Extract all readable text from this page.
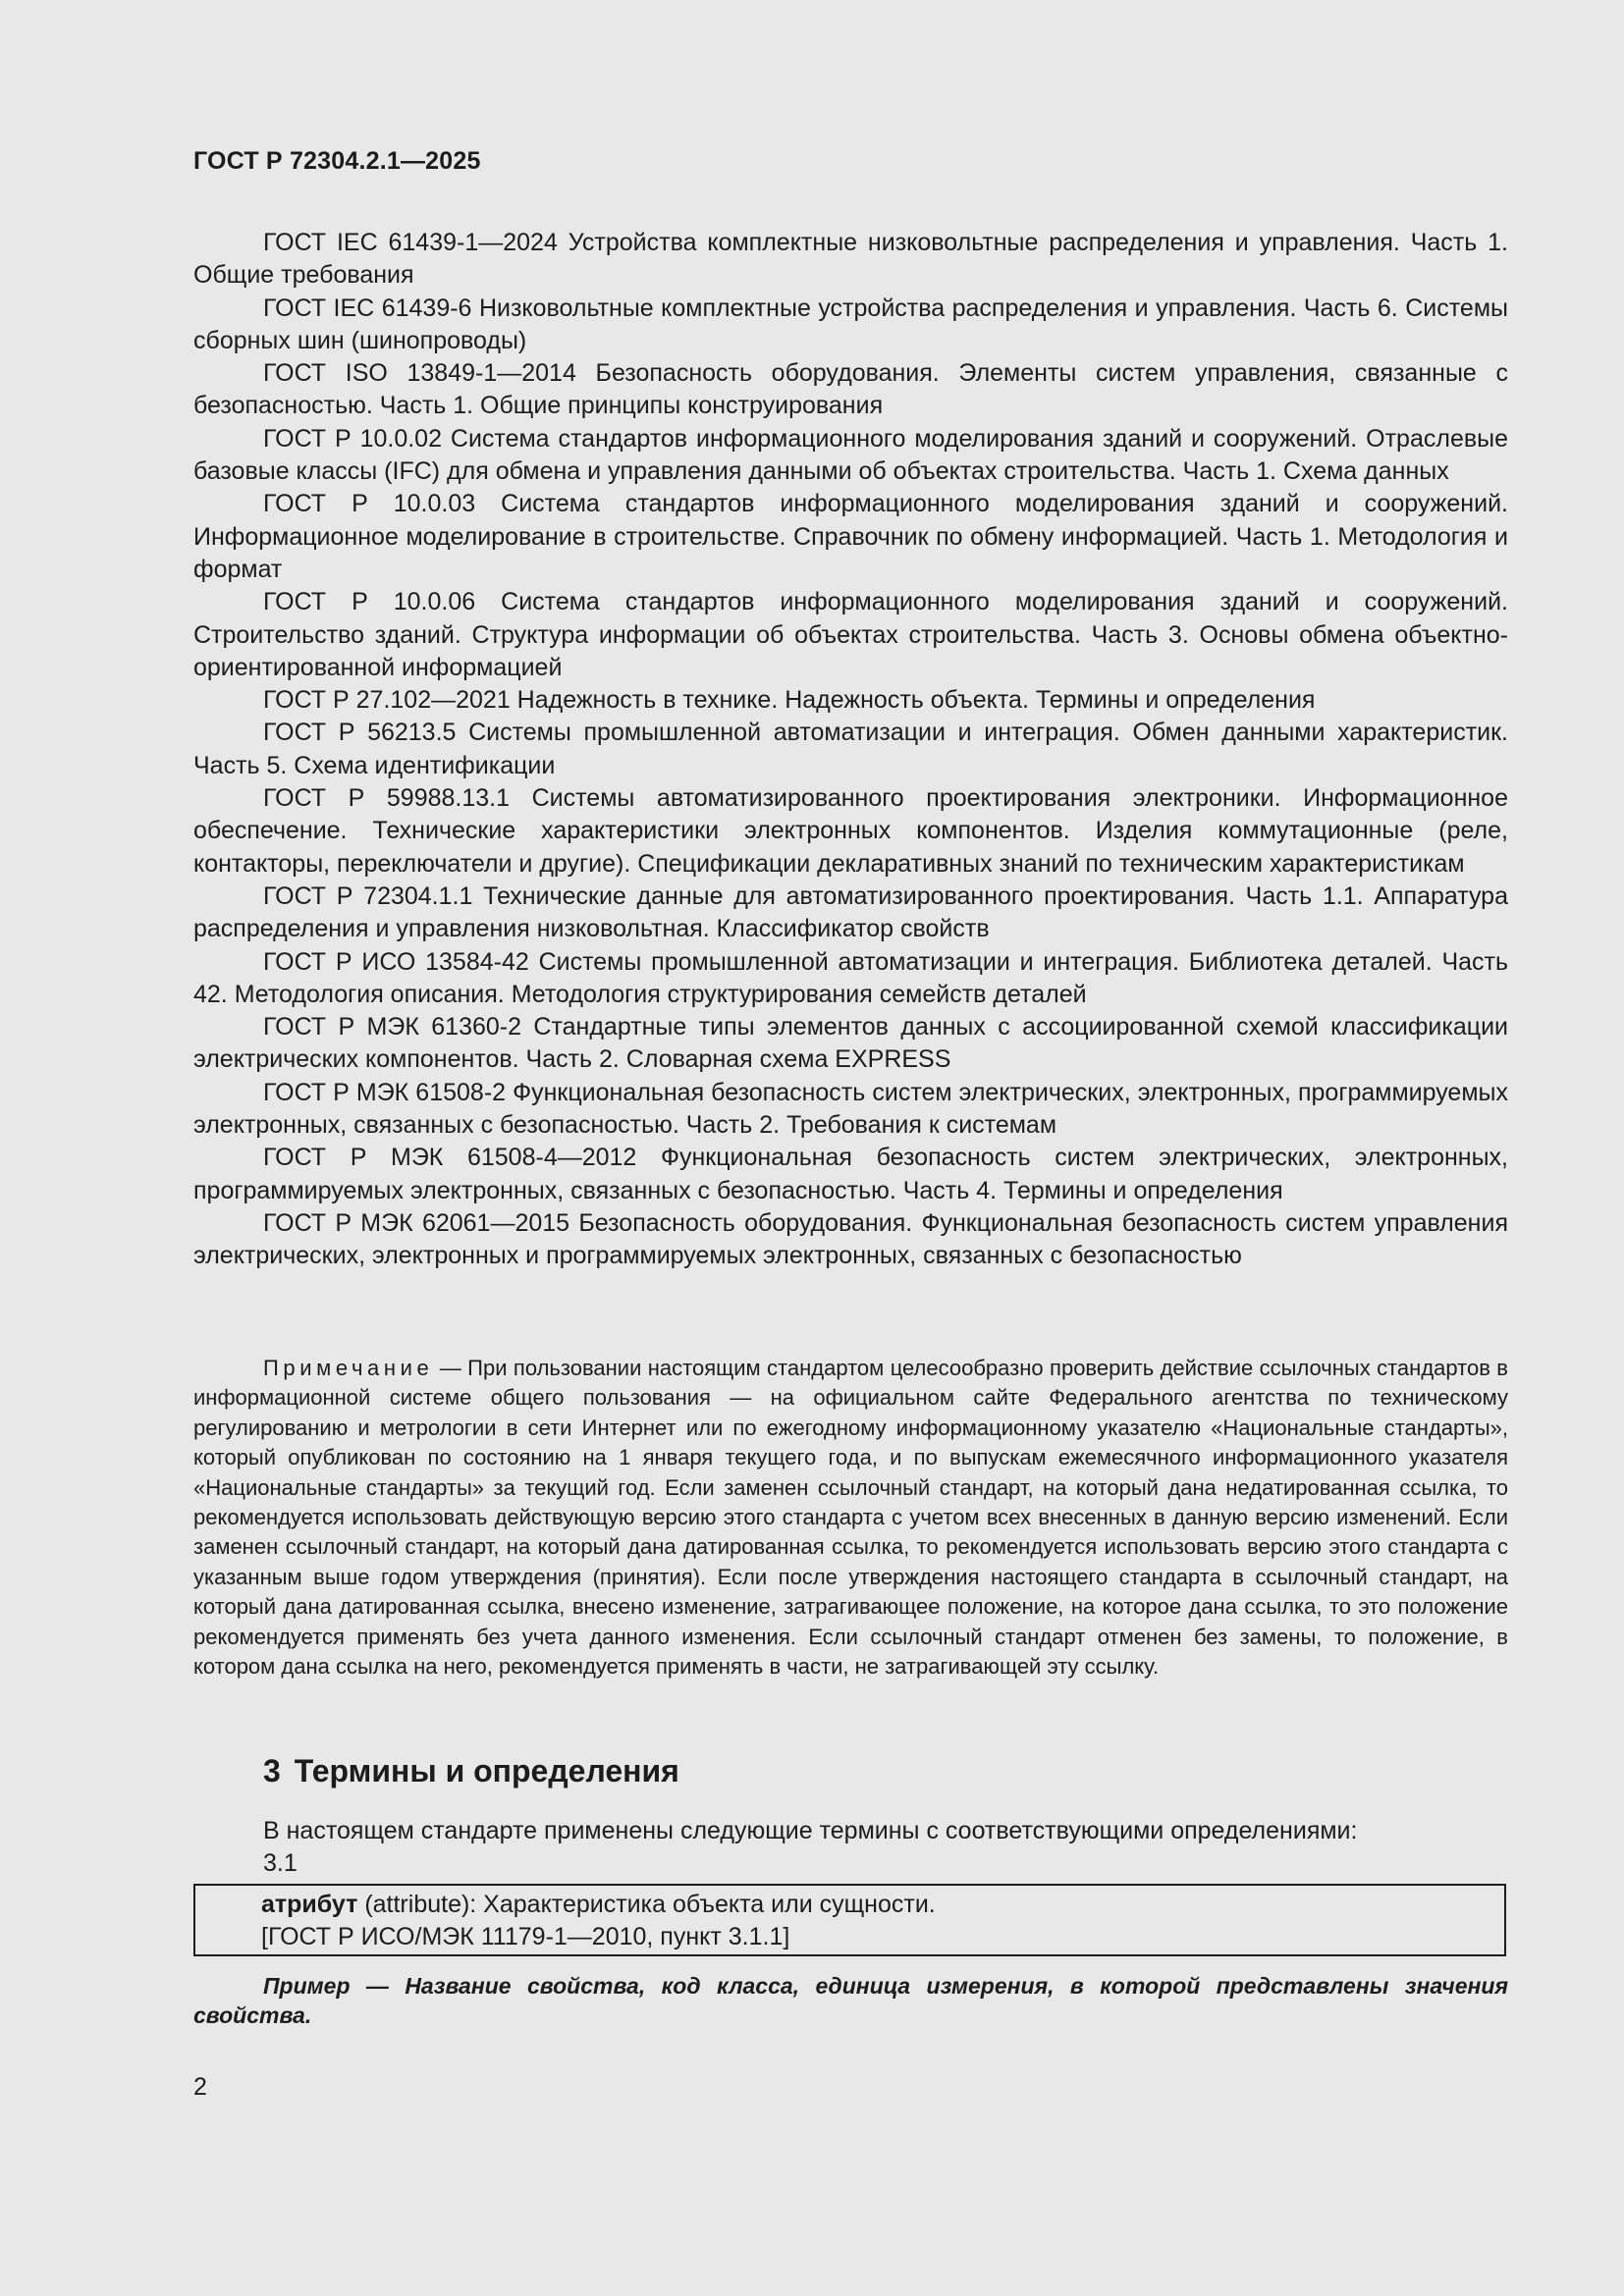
ГОСТ Р 72304.2.1—2025

ГОСТ IEC 61439-1—2024 Устройства комплектные низковольтные распределения и управления. Часть 1. Общие требования

ГОСТ IEC 61439-6 Низковольтные комплектные устройства распределения и управления. Часть 6. Системы сборных шин (шинопроводы)

ГОСТ ISO 13849-1—2014 Безопасность оборудования. Элементы систем управления, связанные с безопасностью. Часть 1. Общие принципы конструирования

ГОСТ Р 10.0.02 Система стандартов информационного моделирования зданий и сооружений. Отраслевые базовые классы (IFC) для обмена и управления данными об объектах строительства. Часть 1. Схема данных

ГОСТ Р 10.0.03 Система стандартов информационного моделирования зданий и сооружений. Информационное моделирование в строительстве. Справочник по обмену информацией. Часть 1. Методология и формат

ГОСТ Р 10.0.06 Система стандартов информационного моделирования зданий и сооружений. Строительство зданий. Структура информации об объектах строительства. Часть 3. Основы обмена объектно-ориентированной информацией

ГОСТ Р 27.102—2021 Надежность в технике. Надежность объекта. Термины и определения

ГОСТ Р 56213.5 Системы промышленной автоматизации и интеграция. Обмен данными характеристик. Часть 5. Схема идентификации

ГОСТ Р 59988.13.1 Системы автоматизированного проектирования электроники. Информационное обеспечение. Технические характеристики электронных компонентов. Изделия коммутационные (реле, контакторы, переключатели и другие). Спецификации декларативных знаний по техническим характеристикам

ГОСТ Р 72304.1.1 Технические данные для автоматизированного проектирования. Часть 1.1. Аппаратура распределения и управления низковольтная. Классификатор свойств

ГОСТ Р ИСО 13584-42 Системы промышленной автоматизации и интеграция. Библиотека деталей. Часть 42. Методология описания. Методология структурирования семейств деталей

ГОСТ Р МЭК 61360-2 Стандартные типы элементов данных с ассоциированной схемой классификации электрических компонентов. Часть 2. Словарная схема EXPRESS

ГОСТ Р МЭК 61508-2 Функциональная безопасность систем электрических, электронных, программируемых электронных, связанных с безопасностью. Часть 2. Требования к системам

ГОСТ Р МЭК 61508-4—2012 Функциональная безопасность систем электрических, электронных, программируемых электронных, связанных с безопасностью. Часть 4. Термины и определения

ГОСТ Р МЭК 62061—2015 Безопасность оборудования. Функциональная безопасность систем управления электрических, электронных и программируемых электронных, связанных с безопасностью

Примечание — При пользовании настоящим стандартом целесообразно проверить действие ссылочных стандартов в информационной системе общего пользования — на официальном сайте Федерального агентства по техническому регулированию и метрологии в сети Интернет или по ежегодному информационному указателю «Национальные стандарты», который опубликован по состоянию на 1 января текущего года, и по выпускам ежемесячного информационного указателя «Национальные стандарты» за текущий год. Если заменен ссылочный стандарт, на который дана недатированная ссылка, то рекомендуется использовать действующую версию этого стандарта с учетом всех внесенных в данную версию изменений. Если заменен ссылочный стандарт, на который дана датированная ссылка, то рекомендуется использовать версию этого стандарта с указанным выше годом утверждения (принятия). Если после утверждения настоящего стандарта в ссылочный стандарт, на который дана датированная ссылка, внесено изменение, затрагивающее положение, на которое дана ссылка, то это положение рекомендуется применять без учета данного изменения. Если ссылочный стандарт отменен без замены, то положение, в котором дана ссылка на него, рекомендуется применять в части, не затрагивающей эту ссылку.

3 Термины и определения
В настоящем стандарте применены следующие термины с соответствующими определениями:
3.1
атрибут (attribute): Характеристика объекта или сущности.
[ГОСТ Р ИСО/МЭК 11179-1—2010, пункт 3.1.1]

Пример — Название свойства, код класса, единица измерения, в которой представлены значения свойства.

2
